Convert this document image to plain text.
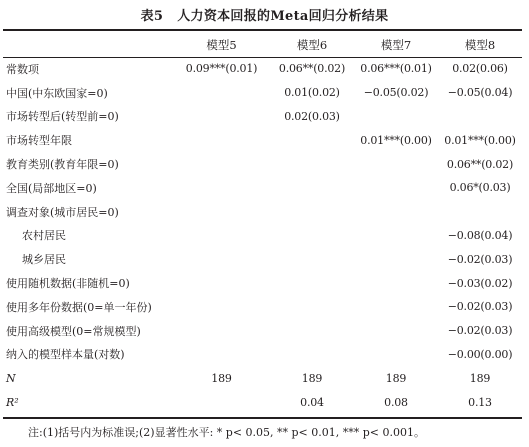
表5 人力资本回报的Meta回归分析结果
	模型5	模型6	模型7	模型8
常数项	0.09***(0.01)	0.06**(0.02)	0.06***(0.01)	0.02(0.06)
中国(中东欧国家=0)		0.01(0.02)	−0.05(0.02)	−0.05(0.04)
市场转型后(转型前=0)		0.02(0.03)		
市场转型年限			0.01***(0.00)	0.01***(0.00)
教育类别(教育年限=0)				0.06**(0.02)
全国(局部地区=0)				0.06*(0.03)
调查对象(城市居民=0)				
农村居民				−0.08(0.04)
城乡居民				−0.02(0.03)
使用随机数据(非随机=0)				−0.03(0.02)
使用多年份数据(0=单一年份)				−0.02(0.03)
使用高级模型(0=常规模型)				−0.02(0.03)
纳入的模型样本量(对数)				−0.00(0.00)
N	189	189	189	189
R²		0.04	0.08	0.13
注:(1)括号内为标准误;(2)显著性水平: * p< 0.05, ** p< 0.01, *** p< 0.001。
